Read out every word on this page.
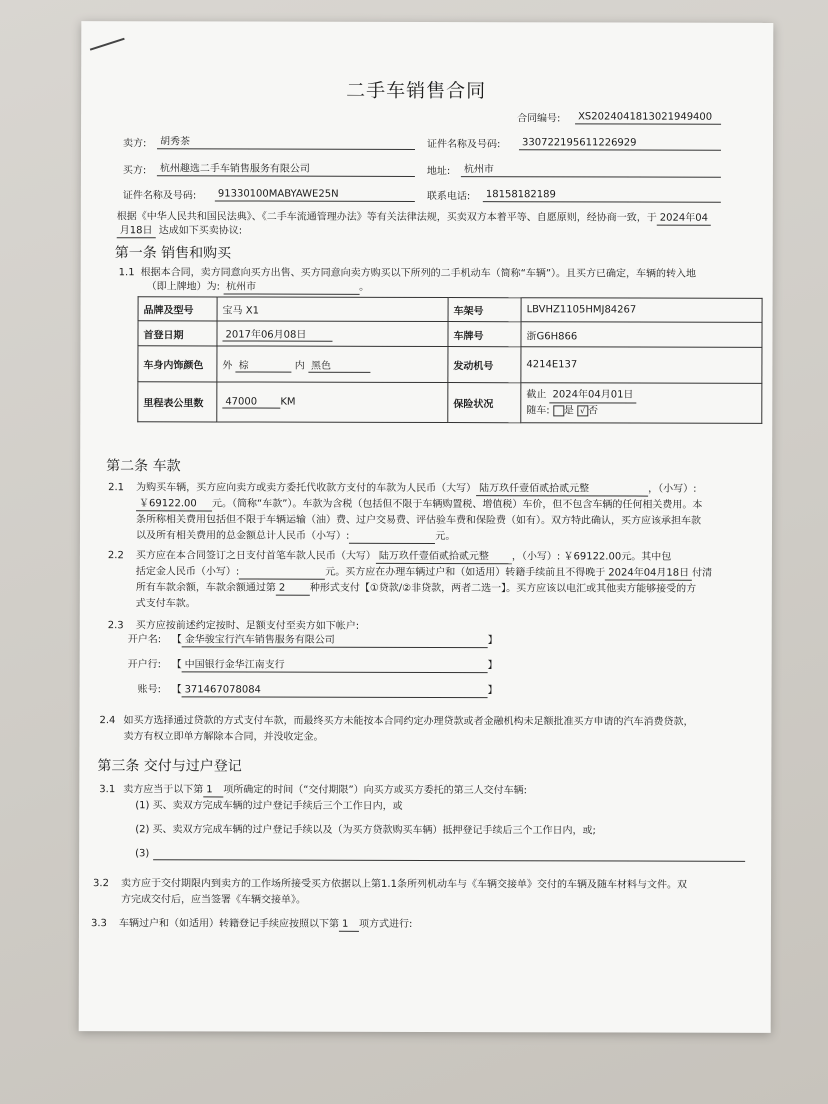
二手车销售合同
合同编号:	XS2024041813021949400
卖方:	胡秀茶	证件名称及号码:	330722195611226929
买方:	杭州趣选二手车销售服务有限公司	地址:	杭州市
证件名称及号码:	91330100MABYAWE25N	联系电话:	18158182189
根据《中华人民共和国民法典》、《二手车流通管理办法》等有关法律法规，买卖双方本着平等、自愿原则，经协商一致，于 2024年04
月18日 达成如下买卖协议:
第一条 销售和购买
1.1 根据本合同，卖方同意向买方出售、买方同意向卖方购买以下所列的二手机动车（简称“车辆”）。且买方已确定，车辆的转入地
（即上牌地）为: 杭州市	。
品牌及型号	宝马 X1	车架号	LBVHZ1105HMJ84267
首登日期	2017年06月08日	车牌号	浙G6H866
车身内饰颜色	外 棕 内 黑色	发动机号	4214E137
里程表公里数	47000 KM	保险状况	截止 2024年04月01日
随车: 是 √ 否
第二条 车款
2.1 为购买车辆，买方应向卖方或卖方委托代收款方支付的车款为人民币（大写） 陆万玖仟壹佰贰拾贰元整	，（小写）:
￥69122.00 元。（简称“车款”）。车款为含税（包括但不限于车辆购置税、增值税）车价，但不包含车辆的任何相关费用。本
条所称相关费用包括但不限于车辆运输（油）费、过户交易费、评估验车费和保险费（如有）。双方特此确认，买方应该承担车款
以及所有相关费用的总金额总计人民币（小写）:	元。
2.2 买方应在本合同签订之日支付首笔车款人民币（大写） 陆万玖仟壹佰贰拾贰元整 ，（小写）: ￥69122.00元。其中包
括定金人民币（小写）:	元。买方应在办理车辆过户和（如适用）转籍手续前且不得晚于 2024年04月18日 付清
所有车款余额，车款余额通过第 2 种形式支付【①贷款/②非贷款，两者二选一】。买方应该以电汇或其他卖方能够接受的方
式支付车款。
2.3 买方应按前述约定按时、足额支付至卖方如下帐户:
开户名: 【 金华骏宝行汽车销售服务有限公司	】
开户行: 【 中国银行金华江南支行	】
账号: 【 371467078084	】
2.4 如买方选择通过贷款的方式支付车款，而最终买方未能按本合同约定办理贷款或者金融机构未足额批准买方申请的汽车消费贷款，
卖方有权立即单方解除本合同，并没收定金。
第三条 交付与过户登记
3.1 卖方应当于以下第 1 项所确定的时间（“交付期限”）向买方或买方委托的第三人交付车辆:
(1) 买、卖双方完成车辆的过户登记手续后三个工作日内，或
(2) 买、卖双方完成车辆的过户登记手续以及（为买方贷款购买车辆）抵押登记手续后三个工作日内，或;
(3)
3.2 卖方应于交付期限内到卖方的工作场所接受买方依据以上第1.1条所列机动车与《车辆交接单》交付的车辆及随车材料与文件。双
方完成交付后，应当签署《车辆交接单》。
3.3 车辆过户和（如适用）转籍登记手续应按照以下第 1 项方式进行:
